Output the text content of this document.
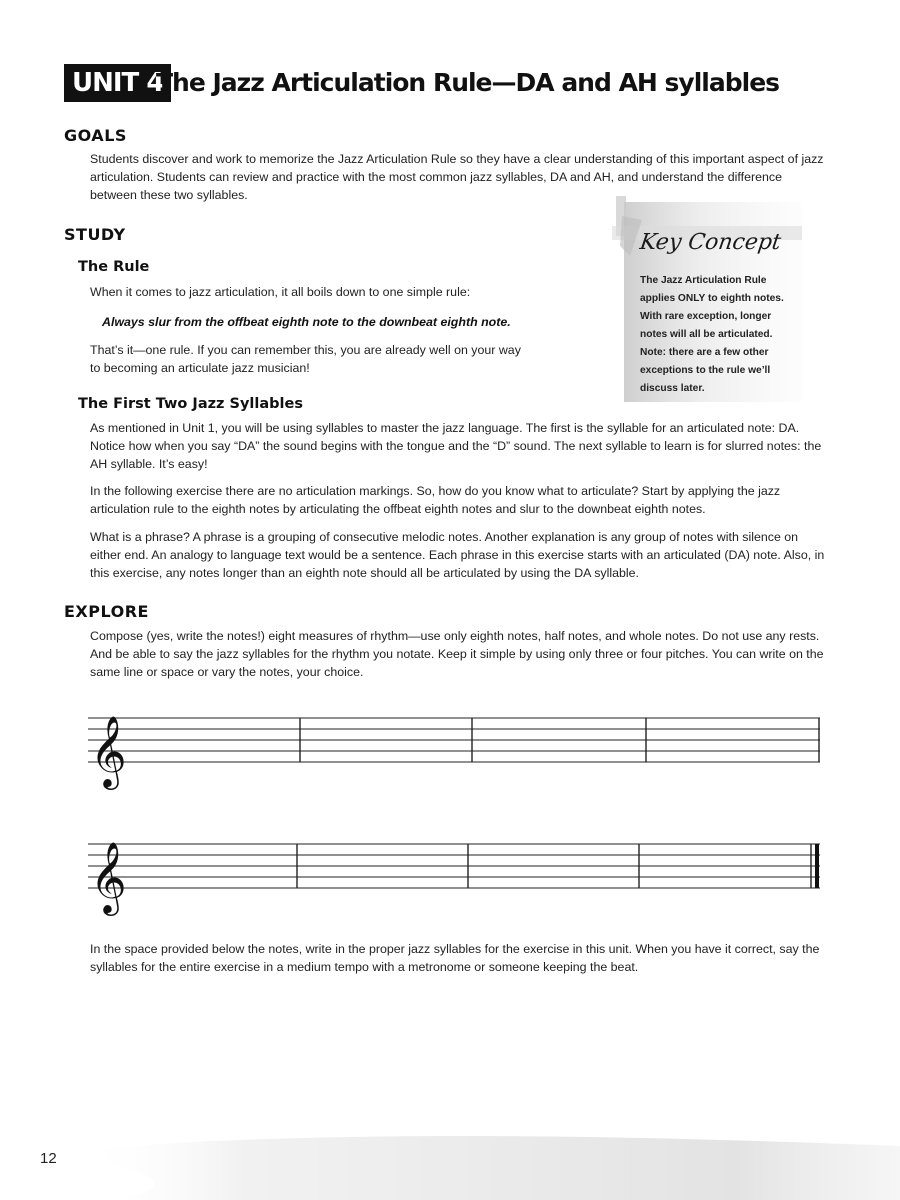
UNIT 4
The Jazz Articulation Rule—DA and AH syllables
GOALS

Students discover and work to memorize the Jazz Articulation Rule so they have a clear understanding of this important aspect of jazz articulation. Students can review and practice with the most common jazz syllables, DA and AH, and understand the difference between these two syllables.

STUDY
The Rule

When it comes to jazz articulation, it all boils down to one simple rule:

Always slur from the offbeat eighth note to the downbeat eighth note.

That’s it—one rule. If you can remember this, you are already well on your way to becoming an articulate jazz musician!

Key Concept
The Jazz Articulation Rule applies ONLY to eighth notes. With rare exception, longer notes will all be articulated. Note: there are a few other exceptions to the rule we’ll discuss later.
The First Two Jazz Syllables

As mentioned in Unit 1, you will be using syllables to master the jazz language. The first is the syllable for an articulated note: DA. Notice how when you say “DA” the sound begins with the tongue and the “D” sound. The next syllable to learn is for slurred notes: the AH syllable. It’s easy!

In the following exercise there are no articulation markings. So, how do you know what to articulate? Start by applying the jazz articulation rule to the eighth notes by articulating the offbeat eighth notes and slur to the downbeat eighth notes.

What is a phrase? A phrase is a grouping of consecutive melodic notes. Another explanation is any group of notes with silence on either end. An analogy to language text would be a sentence. Each phrase in this exercise starts with an articulated (DA) note. Also, in this exercise, any notes longer than an eighth note should all be articulated by using the DA syllable.

EXPLORE

Compose (yes, write the notes!) eight measures of rhythm—use only eighth notes, half notes, and whole notes. Do not use any rests. And be able to say the jazz syllables for the rhythm you notate. Keep it simple by using only three or four pitches. You can write on the same line or space or vary the notes, your choice.

𝄞
𝄞

In the space provided below the notes, write in the proper jazz syllables for the exercise in this unit. When you have it correct, say the syllables for the entire exercise in a medium tempo with a metronome or someone keeping the beat.

12
